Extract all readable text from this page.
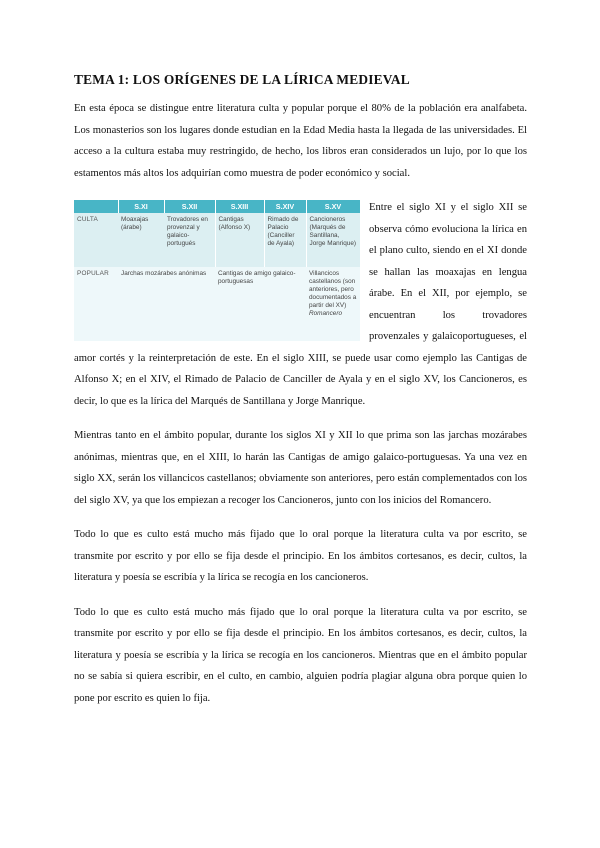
TEMA 1: LOS ORÍGENES DE LA LÍRICA MEDIEVAL

En esta época se distingue entre literatura culta y popular porque el 80% de la población era analfabeta. Los monasterios son los lugares donde estudian en la Edad Media hasta la llegada de las universidades. El acceso a la cultura estaba muy restringido, de hecho, los libros eran considerados un lujo, por lo que los estamentos más altos los adquirían como muestra de poder económico y social.

	S.XI	S.XII	S.XIII	S.XIV	S.XV
CULTA	Moaxajas (árabe)	Trovadores en provenzal y galaico-portugués	Cantigas (Alfonso X)	Rimado de Palacio (Canciller de Ayala)	Cancioneros (Marqués de Santillana, Jorge Manrique)
POPULAR	Jarchas mozárabes anónimas		Cantigas de amigo galaico-portuguesas		Villancicos castellanos (son anteriores, pero documentados a partir del XV)
Romancero

Entre el siglo XI y el siglo XII se observa cómo evoluciona la lírica en el plano culto, siendo en el XI donde se hallan las moaxajas en lengua árabe. En el XII, por ejemplo, se encuentran los trovadores provenzales y galaicoportugueses, el amor cortés y la reinterpretación de este. En el siglo XIII, se puede usar como ejemplo las Cantigas de Alfonso X; en el XIV, el Rimado de Palacio de Canciller de Ayala y en el siglo XV, los Cancioneros, es decir, lo que es la lírica del Marqués de Santillana y Jorge Manrique.

Mientras tanto en el ámbito popular, durante los siglos XI y XII lo que prima son las jarchas mozárabes anónimas, mientras que, en el XIII, lo harán las Cantigas de amigo galaico-portuguesas. Ya una vez en siglo XX, serán los villancicos castellanos; obviamente son anteriores, pero están complementados con los del siglo XV, ya que los empiezan a recoger los Cancioneros, junto con los inicios del Romancero.

Todo lo que es culto está mucho más fijado que lo oral porque la literatura culta va por escrito, se transmite por escrito y por ello se fija desde el principio. En los ámbitos cortesanos, es decir, cultos, la literatura y poesía se escribía y la lírica se recogía en los cancioneros.

Todo lo que es culto está mucho más fijado que lo oral porque la literatura culta va por escrito, se transmite por escrito y por ello se fija desde el principio. En los ámbitos cortesanos, es decir, cultos, la literatura y poesía se escribía y la lírica se recogía en los cancioneros. Mientras que en el ámbito popular no se sabía si quiera escribir, en el culto, en cambio, alguien podría plagiar alguna obra porque quien lo pone por escrito es quien lo fija.
